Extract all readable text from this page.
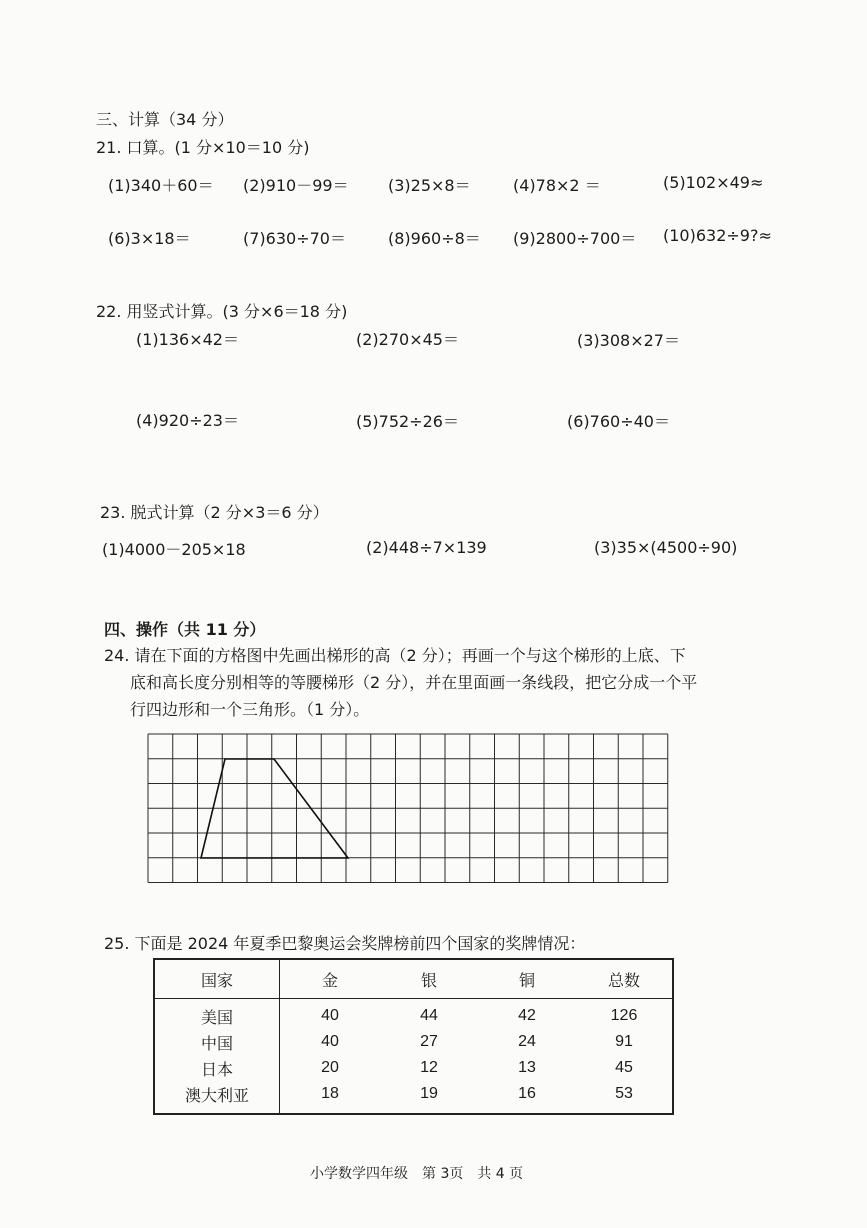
三、计算（34 分）
21. 口算。(1 分×10＝10 分)
(1)340＋60＝ (2)910－99＝ (3)25×8＝	(4)78×2 ＝	(5)102×49≈
(6)3×18＝	(7)630÷70＝	(8)960÷8＝ (9)2800÷700＝ (10)632÷9?≈
22. 用竖式计算。(3 分×6＝18 分)
(1)136×42＝	(2)270×45＝	(3)308×27＝
(4)920÷23＝	(5)752÷26＝	(6)760÷40＝
23. 脱式计算（2 分×3＝6 分）
(1)4000－205×18	(2)448÷7×139	(3)35×(4500÷90)
四、操作（共 11 分）
24. 请在下面的方格图中先画出梯形的高（2 分）；再画一个与这个梯形的上底、下
底和高长度分别相等的等腰梯形（2 分），并在里面画一条线段，把它分成一个平
行四边形和一个三角形。（1 分）。
25. 下面是 2024 年夏季巴黎奥运会奖牌榜前四个国家的奖牌情况：
国家	金	银	铜	总数
美国	40	44	42	126
中国	40	27	24	91
日本	20	12	13	45
澳大利亚	18	19	16	53
小学数学四年级　第 3页　共 4 页
